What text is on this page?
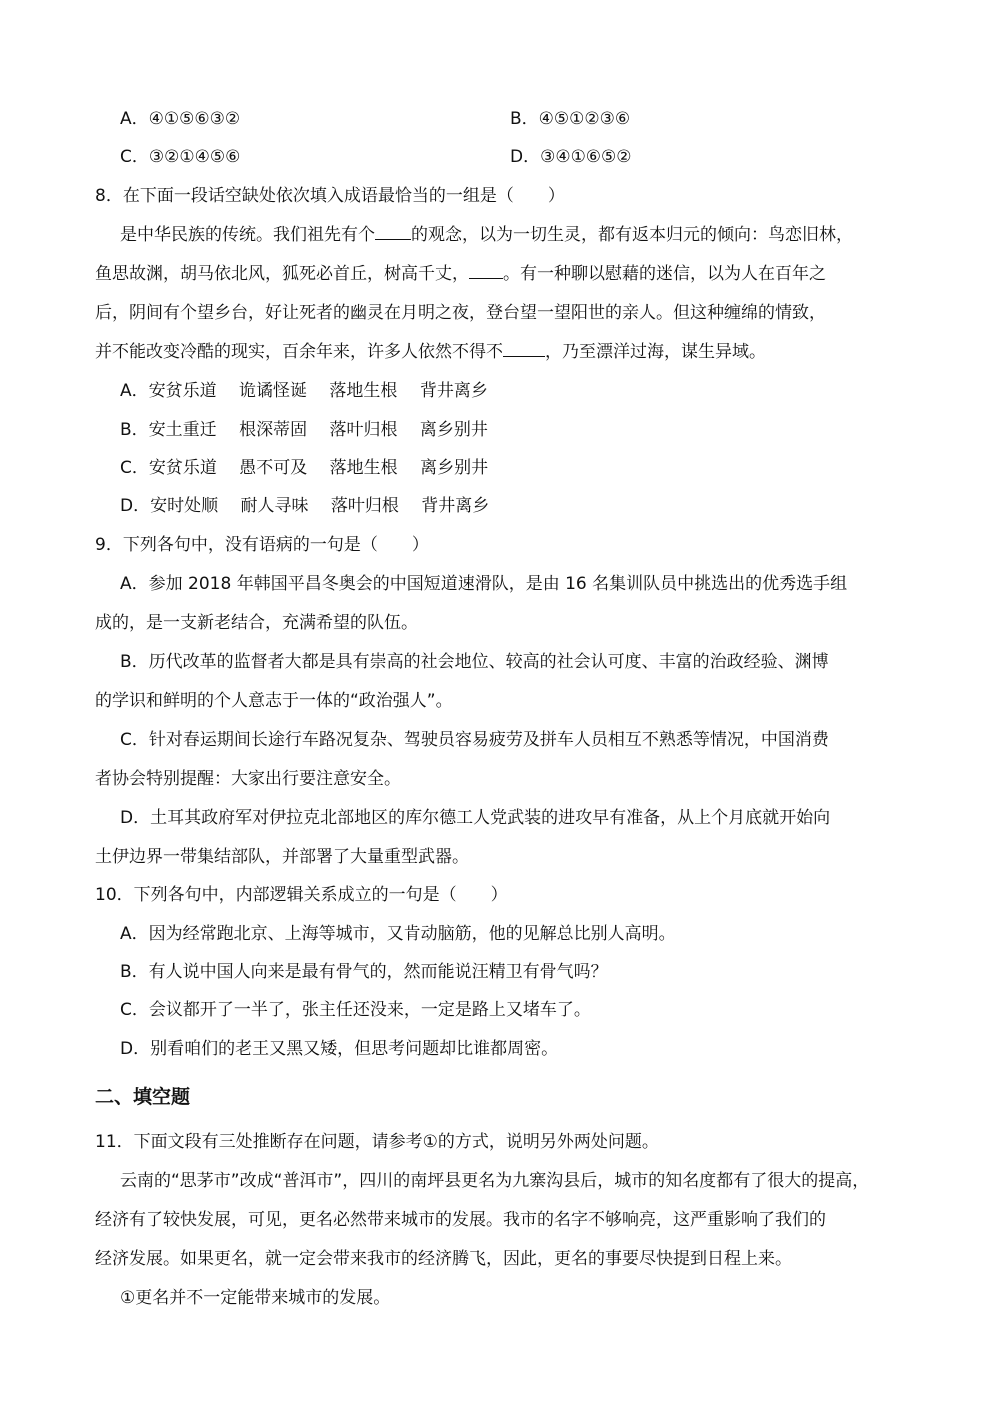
A．④①⑤⑥③②	B．④⑤①②③⑥
C．③②①④⑤⑥	D．③④①⑥⑤②
8．在下面一段话空缺处依次填入成语最恰当的一组是（　　）
是中华民族的传统。我们祖先有个 的观念，以为一切生灵，都有返本归元的倾向：鸟恋旧林，
鱼思故渊，胡马依北风，狐死必首丘，树高千丈， 。有一种聊以慰藉的迷信，以为人在百年之
后，阴间有个望乡台，好让死者的幽灵在月明之夜，登台望一望阳世的亲人。但这种缠绵的情致，
并不能改变冷酷的现实，百余年来，许多人依然不得不 ，乃至漂洋过海，谋生异域。
A．安贫乐道　 诡谲怪诞　 落地生根　 背井离乡
B．安土重迁　 根深蒂固　 落叶归根　 离乡别井
C．安贫乐道　 愚不可及　 落地生根　 离乡别井
D．安时处顺　 耐人寻味　 落叶归根　 背井离乡
9．下列各句中，没有语病的一句是（　　）
A．参加 2018 年韩国平昌冬奥会的中国短道速滑队，是由 16 名集训队员中挑选出的优秀选手组
成的，是一支新老结合，充满希望的队伍。
B．历代改革的监督者大都是具有崇高的社会地位、较高的社会认可度、丰富的治政经验、渊博
的学识和鲜明的个人意志于一体的“政治强人”。
C．针对春运期间长途行车路况复杂、驾驶员容易疲劳及拼车人员相互不熟悉等情况，中国消费
者协会特别提醒：大家出行要注意安全。
D．土耳其政府军对伊拉克北部地区的库尔德工人党武装的进攻早有准备，从上个月底就开始向
土伊边界一带集结部队，并部署了大量重型武器。
10．下列各句中，内部逻辑关系成立的一句是（　　）
A．因为经常跑北京、上海等城市，又肯动脑筋，他的见解总比别人高明。
B．有人说中国人向来是最有骨气的，然而能说汪精卫有骨气吗？
C．会议都开了一半了，张主任还没来，一定是路上又堵车了。
D．别看咱们的老王又黑又矮，但思考问题却比谁都周密。
二、填空题
11．下面文段有三处推断存在问题，请参考①的方式，说明另外两处问题。
云南的“思茅市”改成“普洱市”，四川的南坪县更名为九寨沟县后，城市的知名度都有了很大的提高，
经济有了较快发展，可见，更名必然带来城市的发展。我市的名字不够响亮，这严重影响了我们的
经济发展。如果更名，就一定会带来我市的经济腾飞，因此，更名的事要尽快提到日程上来。
①更名并不一定能带来城市的发展。
